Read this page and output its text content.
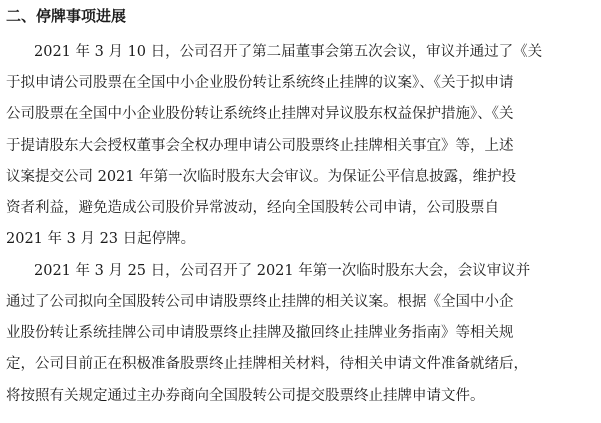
二、停牌事项进展
2021 年 3 月 10 日，公司召开了第二届董事会第五次会议，审议并通过了《关
于拟申请公司股票在全国中小企业股份转让系统终止挂牌的议案》、《关于拟申请
公司股票在全国中小企业股份转让系统终止挂牌对异议股东权益保护措施》、《关
于提请股东大会授权董事会全权办理申请公司股票终止挂牌相关事宜》等，上述
议案提交公司 2021 年第一次临时股东大会审议。为保证公平信息披露，维护投
资者利益，避免造成公司股价异常波动，经向全国股转公司申请，公司股票自
2021 年 3 月 23 日起停牌。
2021 年 3 月 25 日，公司召开了 2021 年第一次临时股东大会，会议审议并
通过了公司拟向全国股转公司申请股票终止挂牌的相关议案。根据《全国中小企
业股份转让系统挂牌公司申请股票终止挂牌及撤回终止挂牌业务指南》等相关规
定，公司目前正在积极准备股票终止挂牌相关材料，待相关申请文件准备就绪后，
将按照有关规定通过主办券商向全国股转公司提交股票终止挂牌申请文件。
